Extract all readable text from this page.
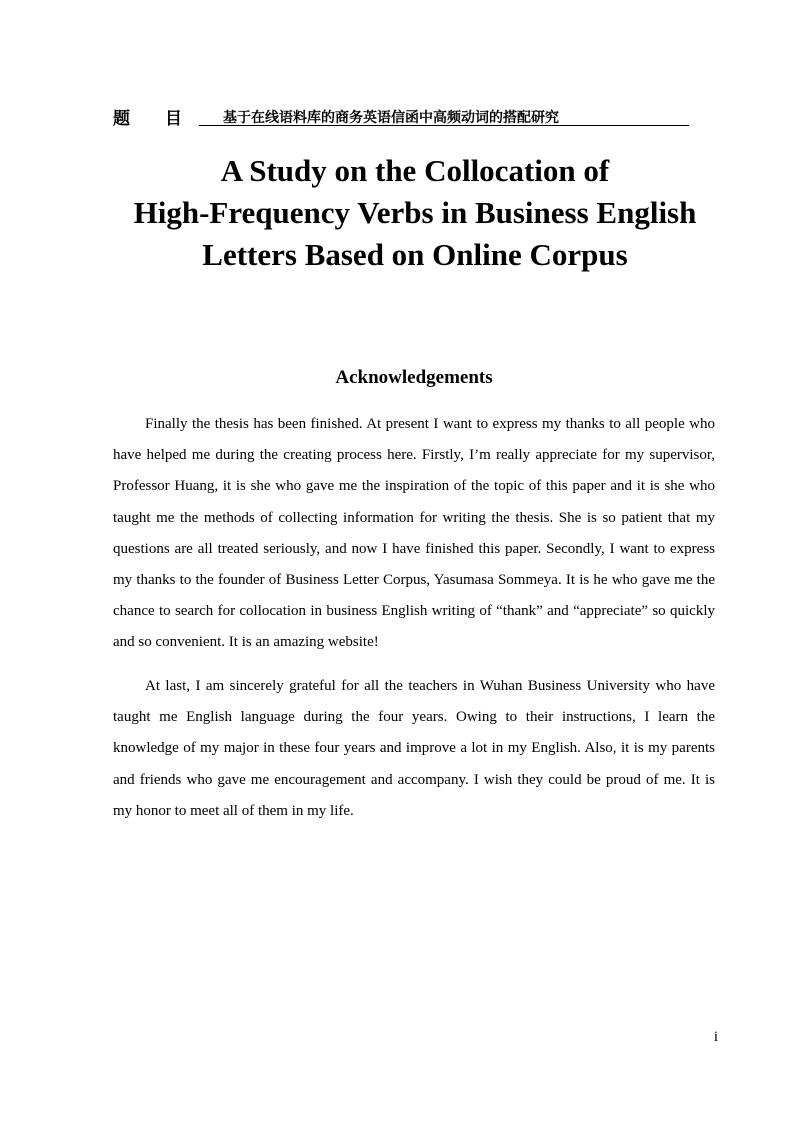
题目 基于在线语料库的商务英语信函中高频动词的搭配研究
A Study on the Collocation of
High-Frequency Verbs in Business English
Letters Based on Online Corpus
Acknowledgements

Finally the thesis has been finished. At present I want to express my thanks to all people who have helped me during the creating process here. Firstly, I’m really appreciate for my supervisor, Professor Huang, it is she who gave me the inspiration of the topic of this paper and it is she who taught me the methods of collecting information for writing the thesis. She is so patient that my questions are all treated seriously, and now I have finished this paper. Secondly, I want to express my thanks to the founder of Business Letter Corpus, Yasumasa Sommeya. It is he who gave me the chance to search for collocation in business English writing of “thank” and “appreciate” so quickly and so convenient. It is an amazing website!

At last, I am sincerely grateful for all the teachers in Wuhan Business University who have taught me English language during the four years. Owing to their instructions, I learn the knowledge of my major in these four years and improve a lot in my English. Also, it is my parents and friends who gave me encouragement and accompany. I wish they could be proud of me. It is my honor to meet all of them in my life.

i
